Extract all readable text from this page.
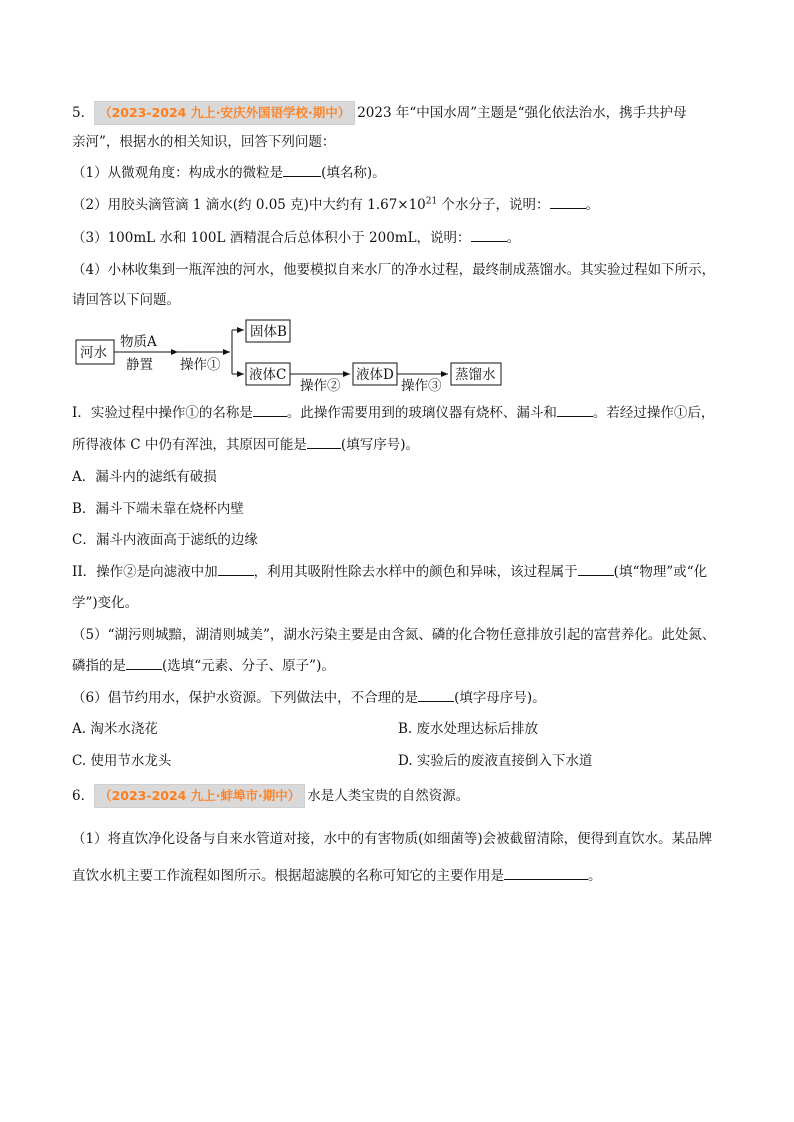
5． （2023-2024 九上·安庆外国语学校·期中） 2023 年“中国水周”主题是“强化依法治水，携手共护母
亲河”，根据水的相关知识，回答下列问题：
（1）从微观角度：构成水的微粒是	(填名称)。
（2）用胶头滴管滴 1 滴水(约 0.05 克)中大约有 $1.67\times 10^{21}$ 个水分子，说明：	。
（3）100mL 水和 100L 酒精混合后总体积小于 200mL，说明：	。
（4）小林收集到一瓶浑浊的河水，他要模拟自来水厂的净水过程，最终制成蒸馏水。其实验过程如下所示，
请回答以下问题。
河水
物质A
静置 操作①
固体B
液体C
操作②
液体D
操作③
蒸馏水
I．实验过程中操作①的名称是	。此操作需要用到的玻璃仪器有烧杯、漏斗和	。若经过操作①后，
所得液体 C 中仍有浑浊，其原因可能是	(填写序号)。
A．漏斗内的滤纸有破损
B．漏斗下端未靠在烧杯内壁
C．漏斗内液面高于滤纸的边缘
II．操作②是向滤液中加	，利用其吸附性除去水样中的颜色和异味，该过程属于	(填“物理”或“化
学”)变化。
（5）“湖污则城黯，湖清则城美”，湖水污染主要是由含氮、磷的化合物任意排放引起的富营养化。此处氮、
磷指的是	(选填“元素、分子、原子”)。
（6）倡节约用水，保护水资源。下列做法中，不合理的是	(填字母序号)。
A. 淘米水浇花	B. 废水处理达标后排放
C. 使用节水龙头	D. 实验后的废液直接倒入下水道
6． （2023-2024 九上·蚌埠市·期中） 水是人类宝贵的自然资源。
（1）将直饮净化设备与自来水管道对接，水中的有害物质(如细菌等)会被截留清除，便得到直饮水。某品牌
直饮水机主要工作流程如图所示。根据超滤膜的名称可知它的主要作用是	。
